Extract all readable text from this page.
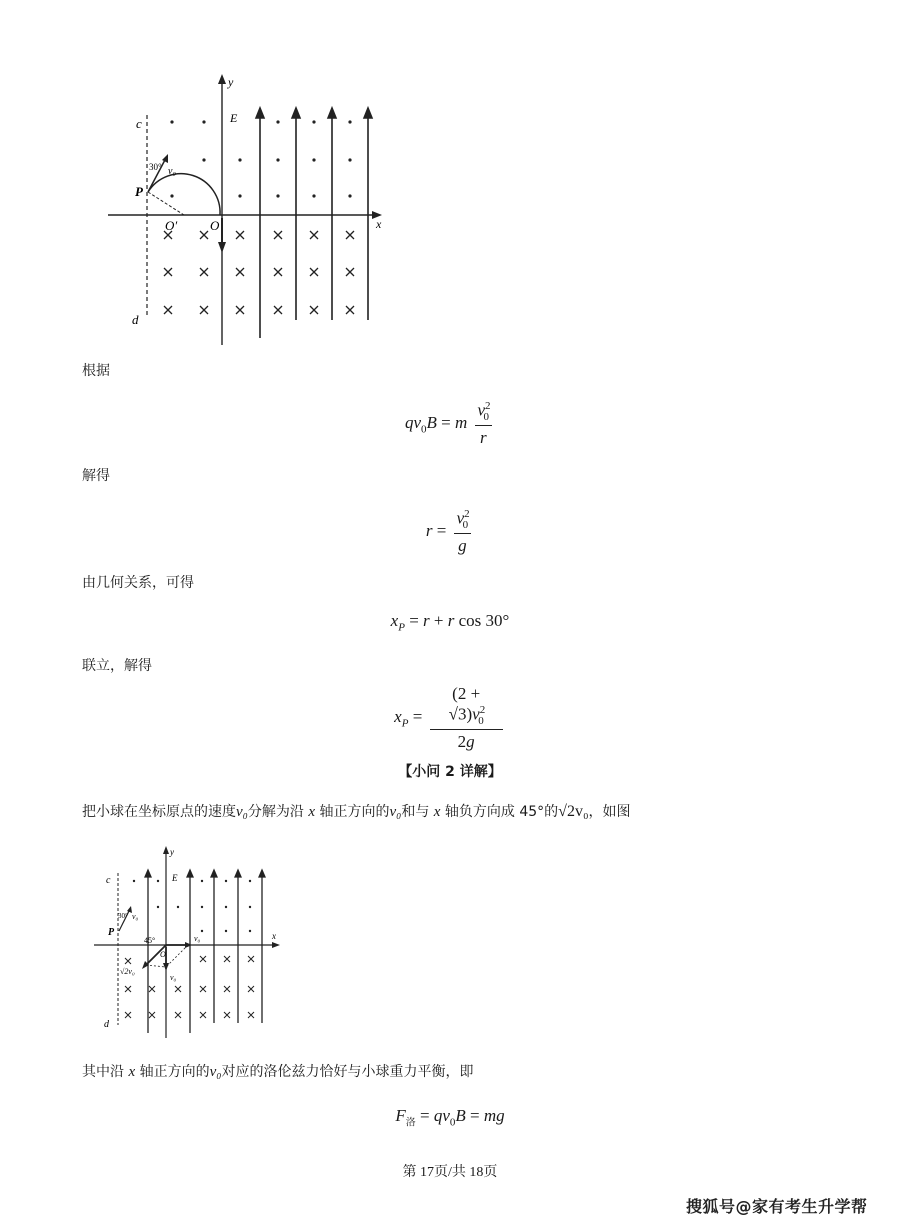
y
x
c
d
30° v₀
P
E
O
O′
根据
$qv_0B = m \frac{v^2_0}{r}$
解得
$r = \frac{v^2_0}{g}$
由几何关系，可得
$x_P = r + r$ cos 30°
联立，解得
$x_P = \frac{(2 + √3)v^2_0}{2g}$
【小问 2 详解】
把小球在坐标原点的速度v₀分解为沿 x 轴正方向的v₀和与 x 轴负方向成 45°的√2v₀，如图
y
x
c
d
30° v₀
P
E
45°	v₀
v₀
√2v₀
O
其中沿 x 轴正方向的v₀对应的洛伦兹力恰好与小球重力平衡，即
$F_洛 = qv_0B$ = mg
第 17页/共 18页
搜狐号@家有考生升学帮
